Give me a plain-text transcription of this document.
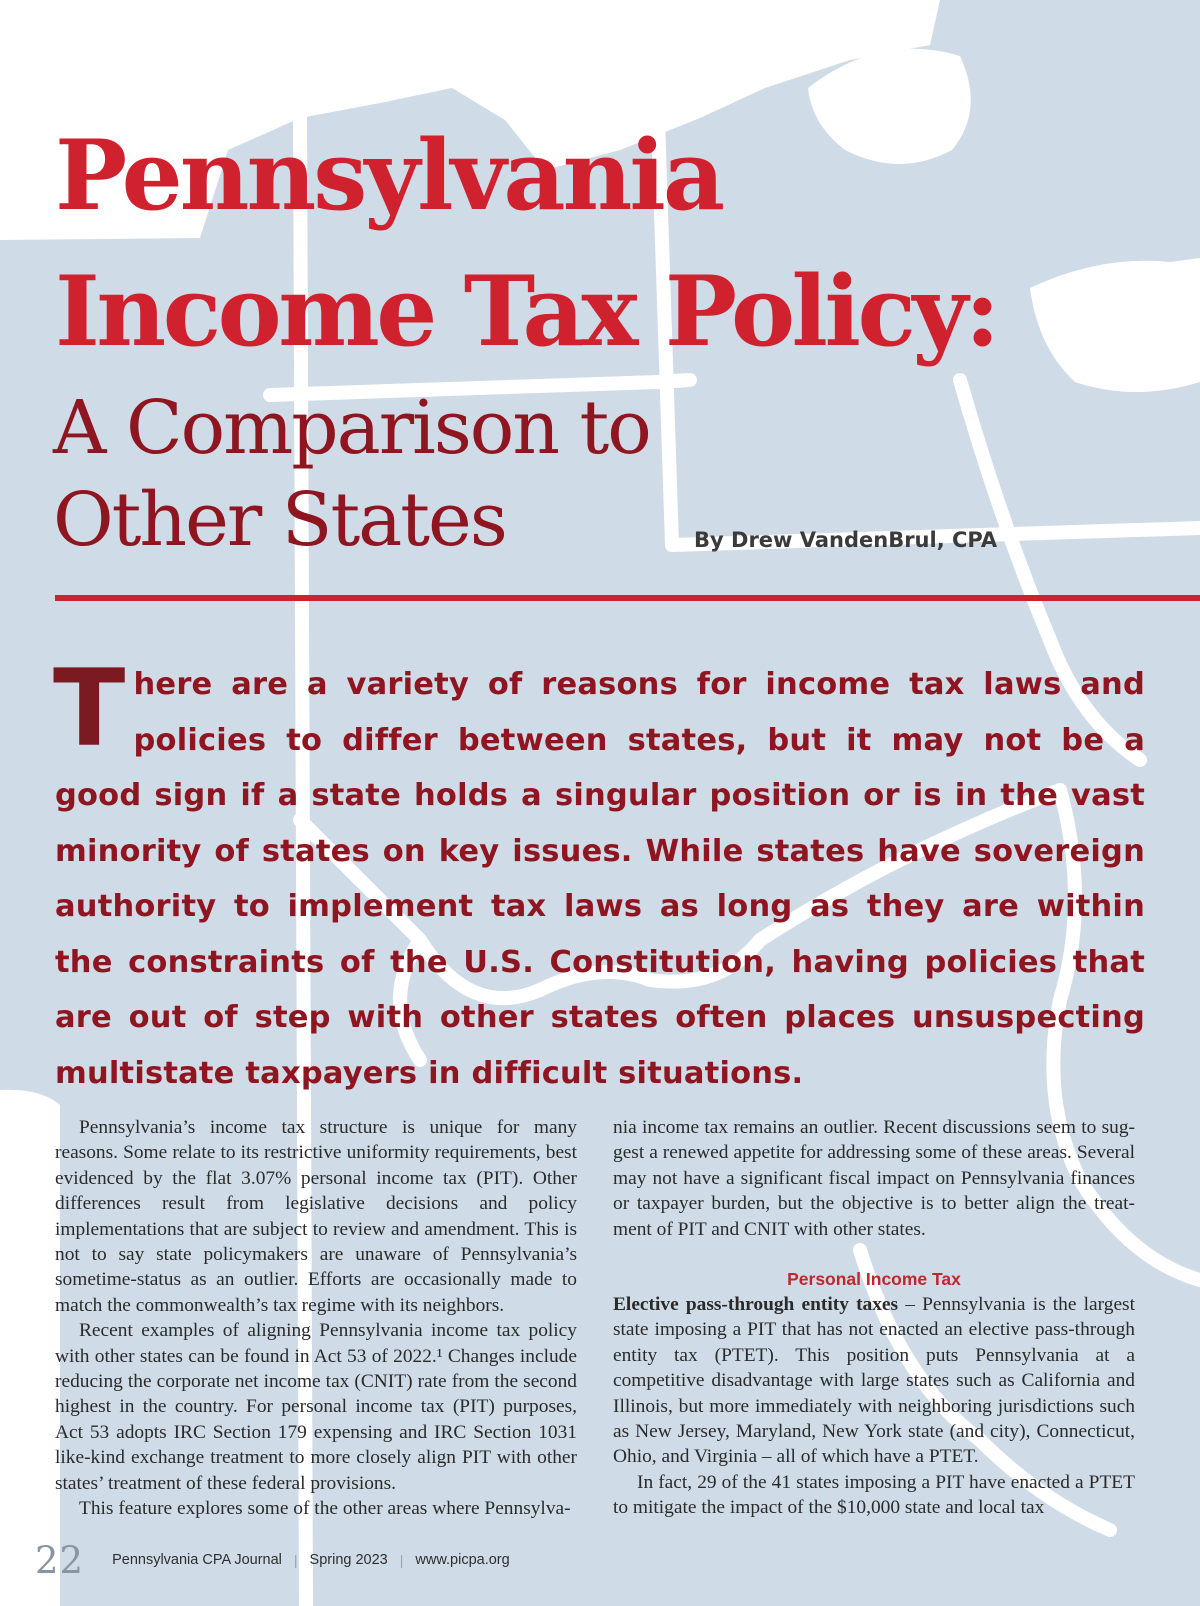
Pennsylvania
Income Tax Policy:
A Comparison to Other States	By Drew VandenBrul, CPA

There are a variety of reasons for income tax laws and policies to differ between states, but it may not be a good sign if a state holds a singular position or is in the vast minority of states on key issues. While states have sovereign authority to implement tax laws as long as they are within the constraints of the U.S. Constitution, having policies that are out of step with other states often places unsuspecting multistate taxpayers in difficult situations.

Pennsylvania’s income tax structure is unique for many reasons. Some relate to its restrictive uniformity requirements, best evidenced by the flat 3.07% personal income tax (PIT). Other differences result from legislative decisions and policy implementations that are subject to review and amendment. This is not to say state policymakers are unaware of Pennsylvania’s sometime-status as an outlier. Efforts are occasionally made to match the commonwealth’s tax regime with its neighbors.

Recent examples of aligning Pennsylvania income tax policy with other states can be found in Act 53 of 2022.¹ Changes include reducing the corporate net income tax (CNIT) rate from the second highest in the country. For personal income tax (PIT) purposes, Act 53 adopts IRC Section 179 expensing and IRC Section 1031 like-kind exchange treatment to more closely align PIT with other states’ treatment of these federal provisions.

This feature explores some of the other areas where Pennsylva-

nia income tax remains an outlier. Recent discussions seem to suggest a renewed appetite for addressing some of these areas. Several may not have a significant fiscal impact on Pennsylvania finances or taxpayer burden, but the objective is to better align the treatment of PIT and CNIT with other states.

Personal Income Tax

Elective pass-through entity taxes – Pennsylvania is the largest state imposing a PIT that has not enacted an elective pass-through entity tax (PTET). This position puts Pennsylvania at a competitive disadvantage with large states such as California and Illinois, but more immediately with neighboring jurisdictions such as New Jersey, Maryland, New York state (and city), Connecticut, Ohio, and Virginia – all of which have a PTET.

In fact, 29 of the 41 states imposing a PIT have enacted a PTET to mitigate the impact of the $10,000 state and local tax

22 Pennsylvania CPA Journal | Spring 2023 | www.picpa.org
